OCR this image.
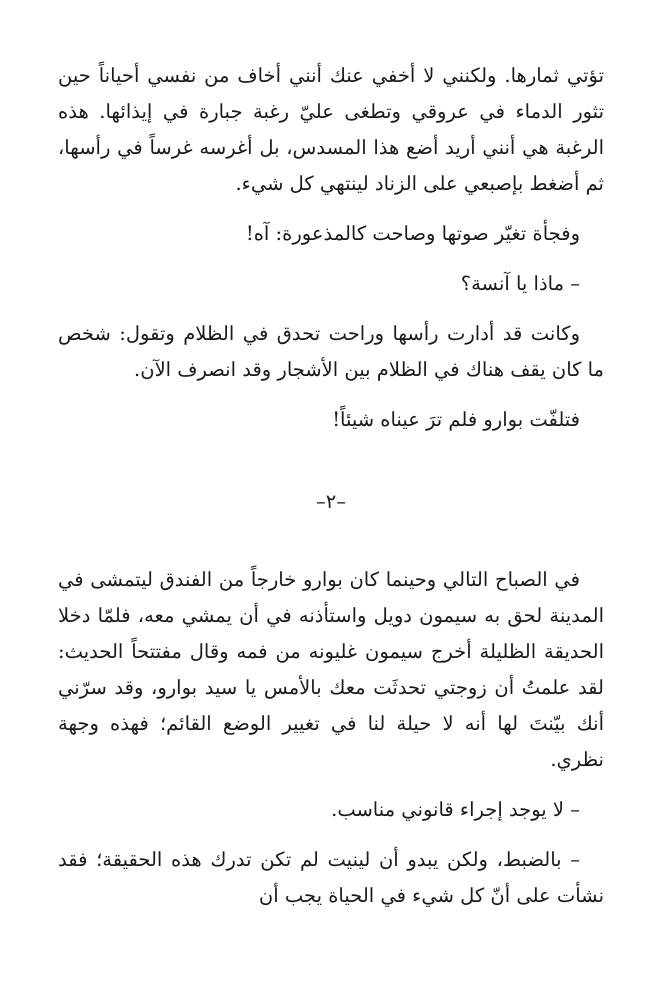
تؤتي ثمارها. ولكنني لا أخفي عنك أنني أخاف من نفسي أحياناً حين تثور الدماء في عروقي وتطغى عليّ رغبة جبارة في إيذائها. هذه الرغبة هي أنني أريد أضع هذا المسدس، بل أغرسه غرساً في رأسها، ثم أضغط بإصبعي على الزناد لينتهي كل شيء.

وفجأة تغيّر صوتها وصاحت كالمذعورة: آه!

– ماذا يا آنسة؟

وكانت قد أدارت رأسها وراحت تحدق في الظلام وتقول: شخص ما كان يقف هناك في الظلام بين الأشجار وقد انصرف الآن.

فتلفّت بوارو فلم ترَ عيناه شيئاً!

–٢–

في الصباح التالي وحينما كان بوارو خارجاً من الفندق ليتمشى في المدينة لحق به سيمون دويل واستأذنه في أن يمشي معه، فلمّا دخلا الحديقة الظليلة أخرج سيمون غليونه من فمه وقال مفتتحاً الحديث: لقد علمتُ أن زوجتي تحدثَت معك بالأمس يا سيد بوارو، وقد سرّني أنك بيّنتَ لها أنه لا حيلة لنا في تغيير الوضع القائم؛ فهذه وجهة نظري.

– لا يوجد إجراء قانوني مناسب.

– بالضبط، ولكن يبدو أن لينيت لم تكن تدرك هذه الحقيقة؛ فقد نشأت على أنّ كل شيء في الحياة يجب أن
